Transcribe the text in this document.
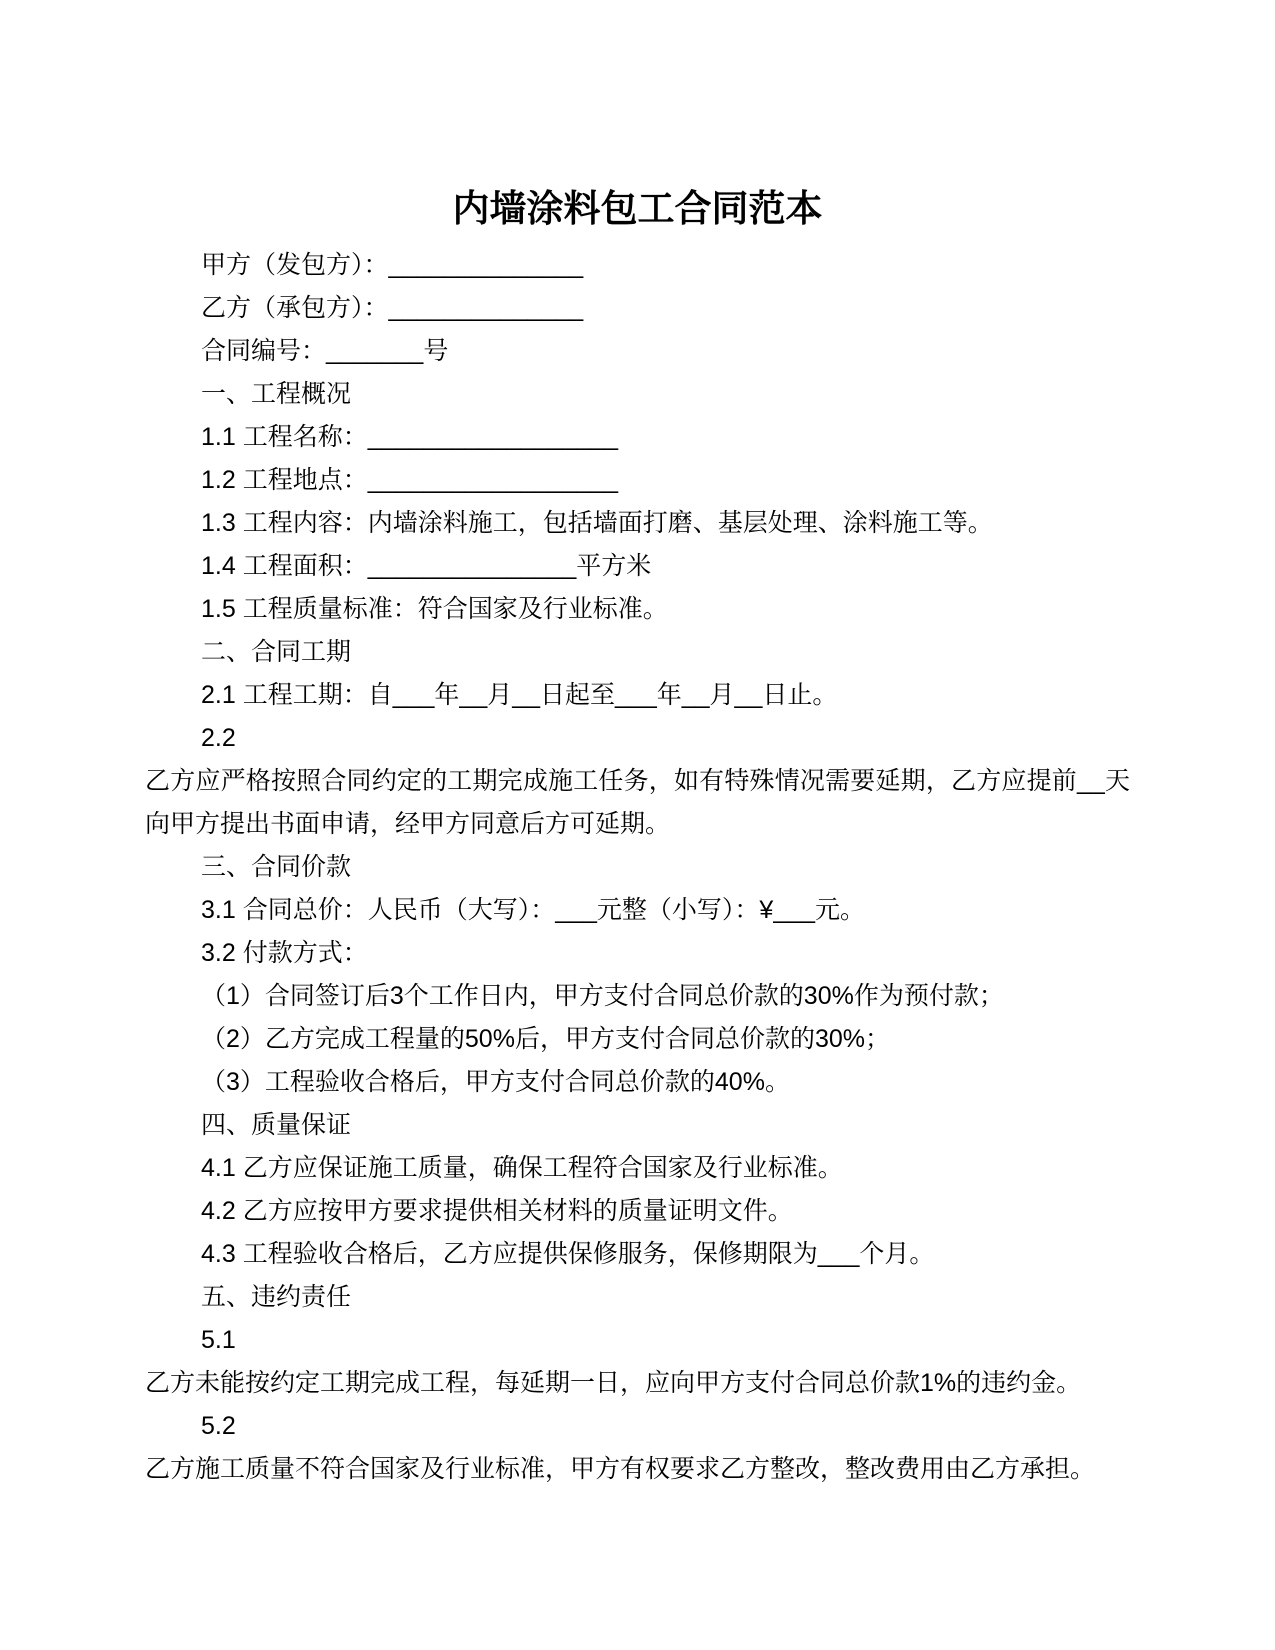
内墙涂料包工合同范本
甲方（发包方）：______________
乙方（承包方）：______________
合同编号：_______号
一、工程概况
1.1 工程名称：__________________
1.2 工程地点：__________________
1.3 工程内容：内墙涂料施工，包括墙面打磨、基层处理、涂料施工等。
1.4 工程面积：_______________平方米
1.5 工程质量标准：符合国家及行业标准。
二、合同工期
2.1 工程工期：自___年__月__日起至___年__月__日止。
2.2
乙方应严格按照合同约定的工期完成施工任务，如有特殊情况需要延期，乙方应提前__天向甲方提出书面申请，经甲方同意后方可延期。
三、合同价款
3.1 合同总价：人民币（大写）：___元整（小写）：¥___元。
3.2 付款方式：
（1）合同签订后3个工作日内，甲方支付合同总价款的30%作为预付款；
（2）乙方完成工程量的50%后，甲方支付合同总价款的30%；
（3）工程验收合格后，甲方支付合同总价款的40%。
四、质量保证
4.1 乙方应保证施工质量，确保工程符合国家及行业标准。
4.2 乙方应按甲方要求提供相关材料的质量证明文件。
4.3 工程验收合格后，乙方应提供保修服务，保修期限为___个月。
五、违约责任
5.1
乙方未能按约定工期完成工程，每延期一日，应向甲方支付合同总价款1%的违约金。
5.2
乙方施工质量不符合国家及行业标准，甲方有权要求乙方整改，整改费用由乙方承担。
